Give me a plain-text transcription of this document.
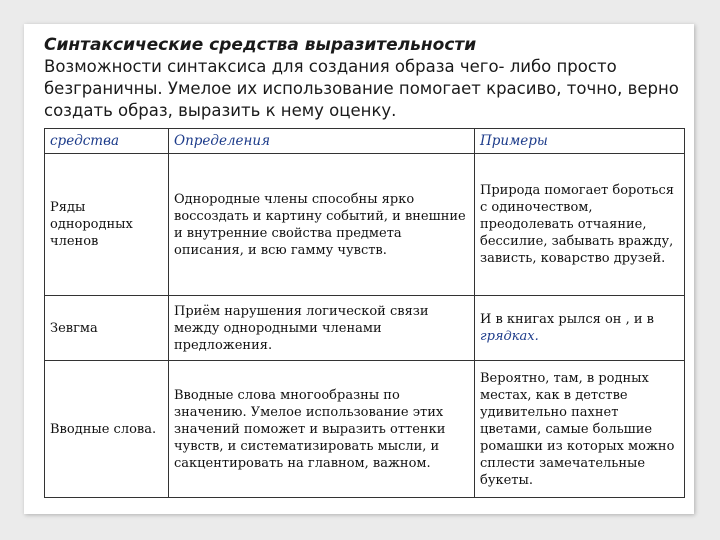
Синтаксические средства выразительности
Возможности синтаксиса для создания образа чего- либо просто безграничны. Умелое их использование помогает красиво, точно, верно создать образ, выразить к нему оценку.
средства	Определения	Примеры
Ряды однородных членов	Однородные члены способны ярко воссоздать и картину событий, и внешние и внутренние свойства предмета описания, и всю гамму чувств.	Природа помогает бороться с одиночеством, преодолевать отчаяние, бессилие, забывать вражду, зависть, коварство друзей.
Зевгма	Приём нарушения логической связи между однородными членами предложения.	И в книгах рылся он , и в грядках.
Вводные слова.	Вводные слова многообразны по значению. Умелое использование этих значений поможет и выразить оттенки чувств, и систематизировать мысли, и сакцентировать на главном, важном.	Вероятно, там, в родных местах, как в детстве удивительно пахнет цветами, самые большие ромашки из которых можно сплести замечательные букеты.
